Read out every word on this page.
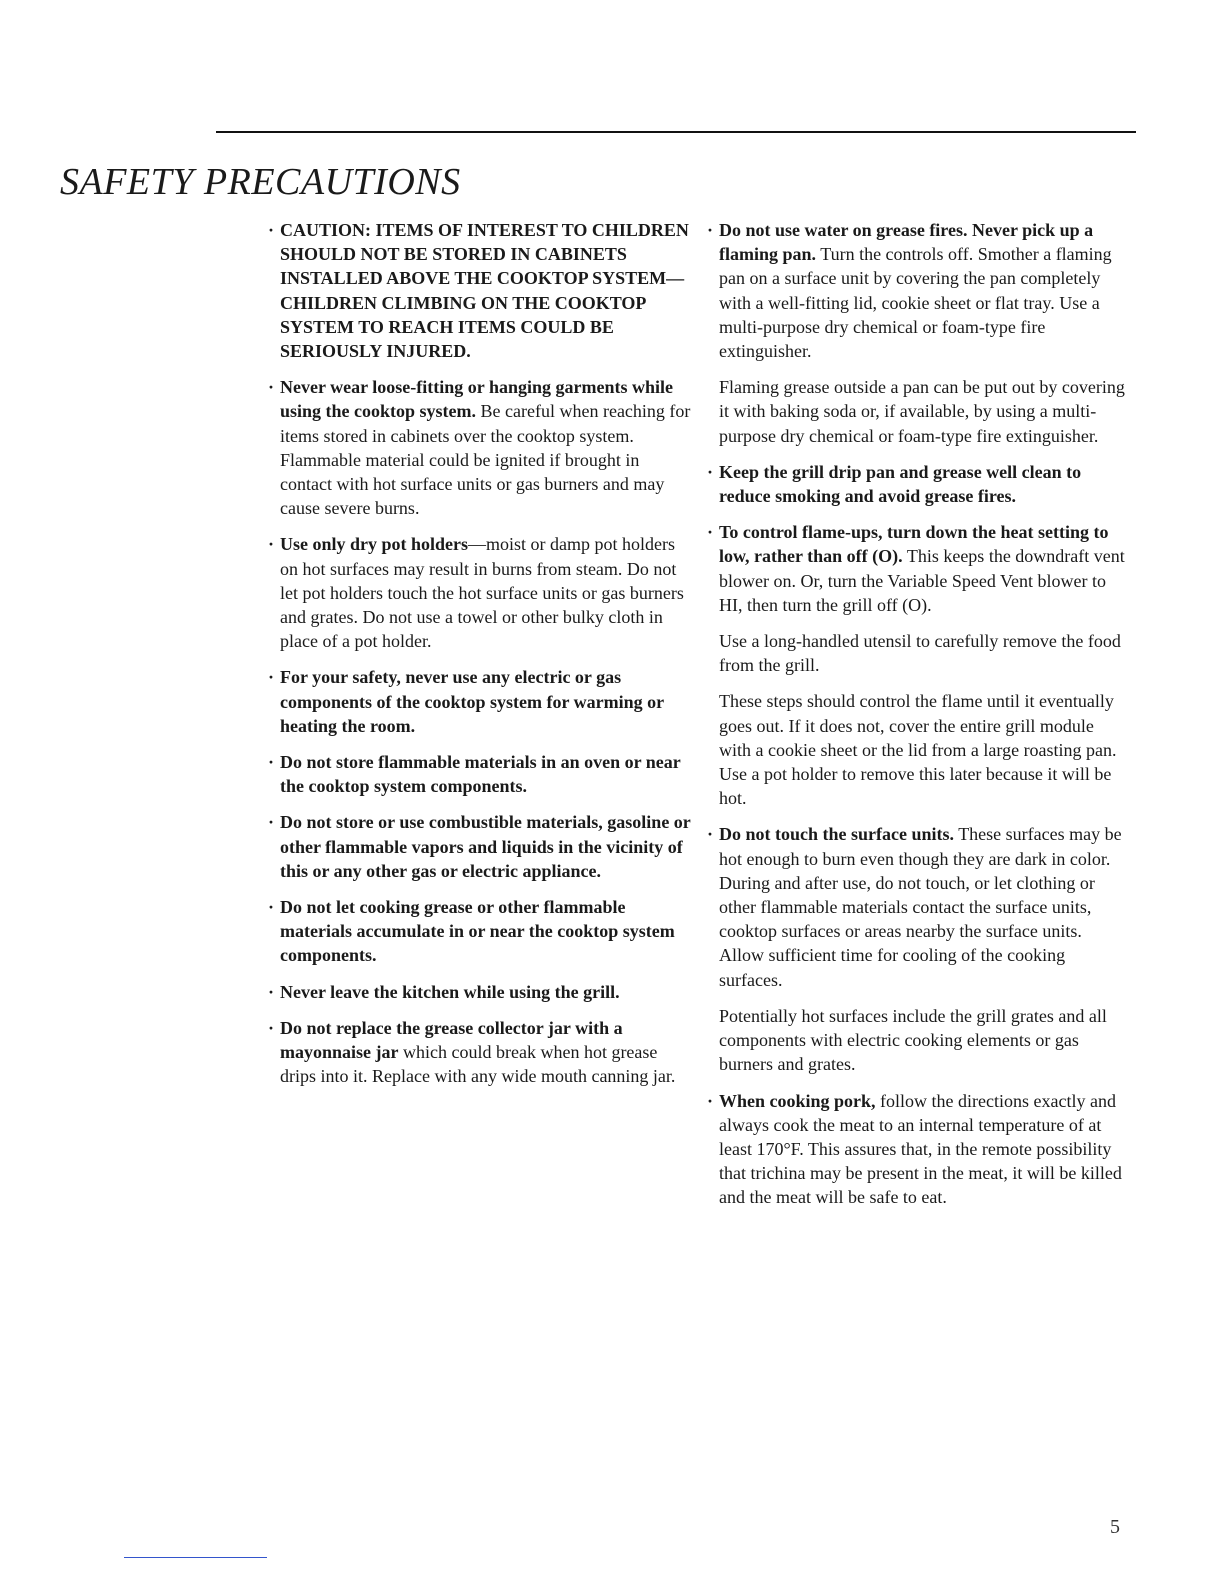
SAFETY PRECAUTIONS

· CAUTION: ITEMS OF INTEREST TO CHILDREN SHOULD NOT BE STORED IN CABINETS INSTALLED ABOVE THE COOKTOP SYSTEM—CHILDREN CLIMBING ON THE COOKTOP SYSTEM TO REACH ITEMS COULD BE SERIOUSLY INJURED.

· Never wear loose-fitting or hanging garments while using the cooktop system. Be careful when reaching for items stored in cabinets over the cooktop system. Flammable material could be ignited if brought in contact with hot surface units or gas burners and may cause severe burns.

· Use only dry pot holders—moist or damp pot holders on hot surfaces may result in burns from steam. Do not let pot holders touch the hot surface units or gas burners and grates. Do not use a towel or other bulky cloth in place of a pot holder.

· For your safety, never use any electric or gas components of the cooktop system for warming or heating the room.

· Do not store flammable materials in an oven or near the cooktop system components.

· Do not store or use combustible materials, gasoline or other flammable vapors and liquids in the vicinity of this or any other gas or electric appliance.

· Do not let cooking grease or other flammable materials accumulate in or near the cooktop system components.

· Never leave the kitchen while using the grill.

· Do not replace the grease collector jar with a mayonnaise jar which could break when hot grease drips into it. Replace with any wide mouth canning jar.

· Do not use water on grease fires. Never pick up a flaming pan. Turn the controls off. Smother a flaming pan on a surface unit by covering the pan completely with a well-fitting lid, cookie sheet or flat tray. Use a multi-purpose dry chemical or foam-type fire extinguisher.

Flaming grease outside a pan can be put out by covering it with baking soda or, if available, by using a multi-purpose dry chemical or foam-type fire extinguisher.

· Keep the grill drip pan and grease well clean to reduce smoking and avoid grease fires.

· To control flame-ups, turn down the heat setting to low, rather than off (O). This keeps the downdraft vent blower on. Or, turn the Variable Speed Vent blower to HI, then turn the grill off (O).

Use a long-handled utensil to carefully remove the food from the grill.

These steps should control the flame until it eventually goes out. If it does not, cover the entire grill module with a cookie sheet or the lid from a large roasting pan. Use a pot holder to remove this later because it will be hot.

· Do not touch the surface units. These surfaces may be hot enough to burn even though they are dark in color. During and after use, do not touch, or let clothing or other flammable materials contact the surface units, cooktop surfaces or areas nearby the surface units. Allow sufficient time for cooling of the cooking surfaces.

Potentially hot surfaces include the grill grates and all components with electric cooking elements or gas burners and grates.

· When cooking pork, follow the directions exactly and always cook the meat to an internal temperature of at least 170°F. This assures that, in the remote possibility that trichina may be present in the meat, it will be killed and the meat will be safe to eat.

5
